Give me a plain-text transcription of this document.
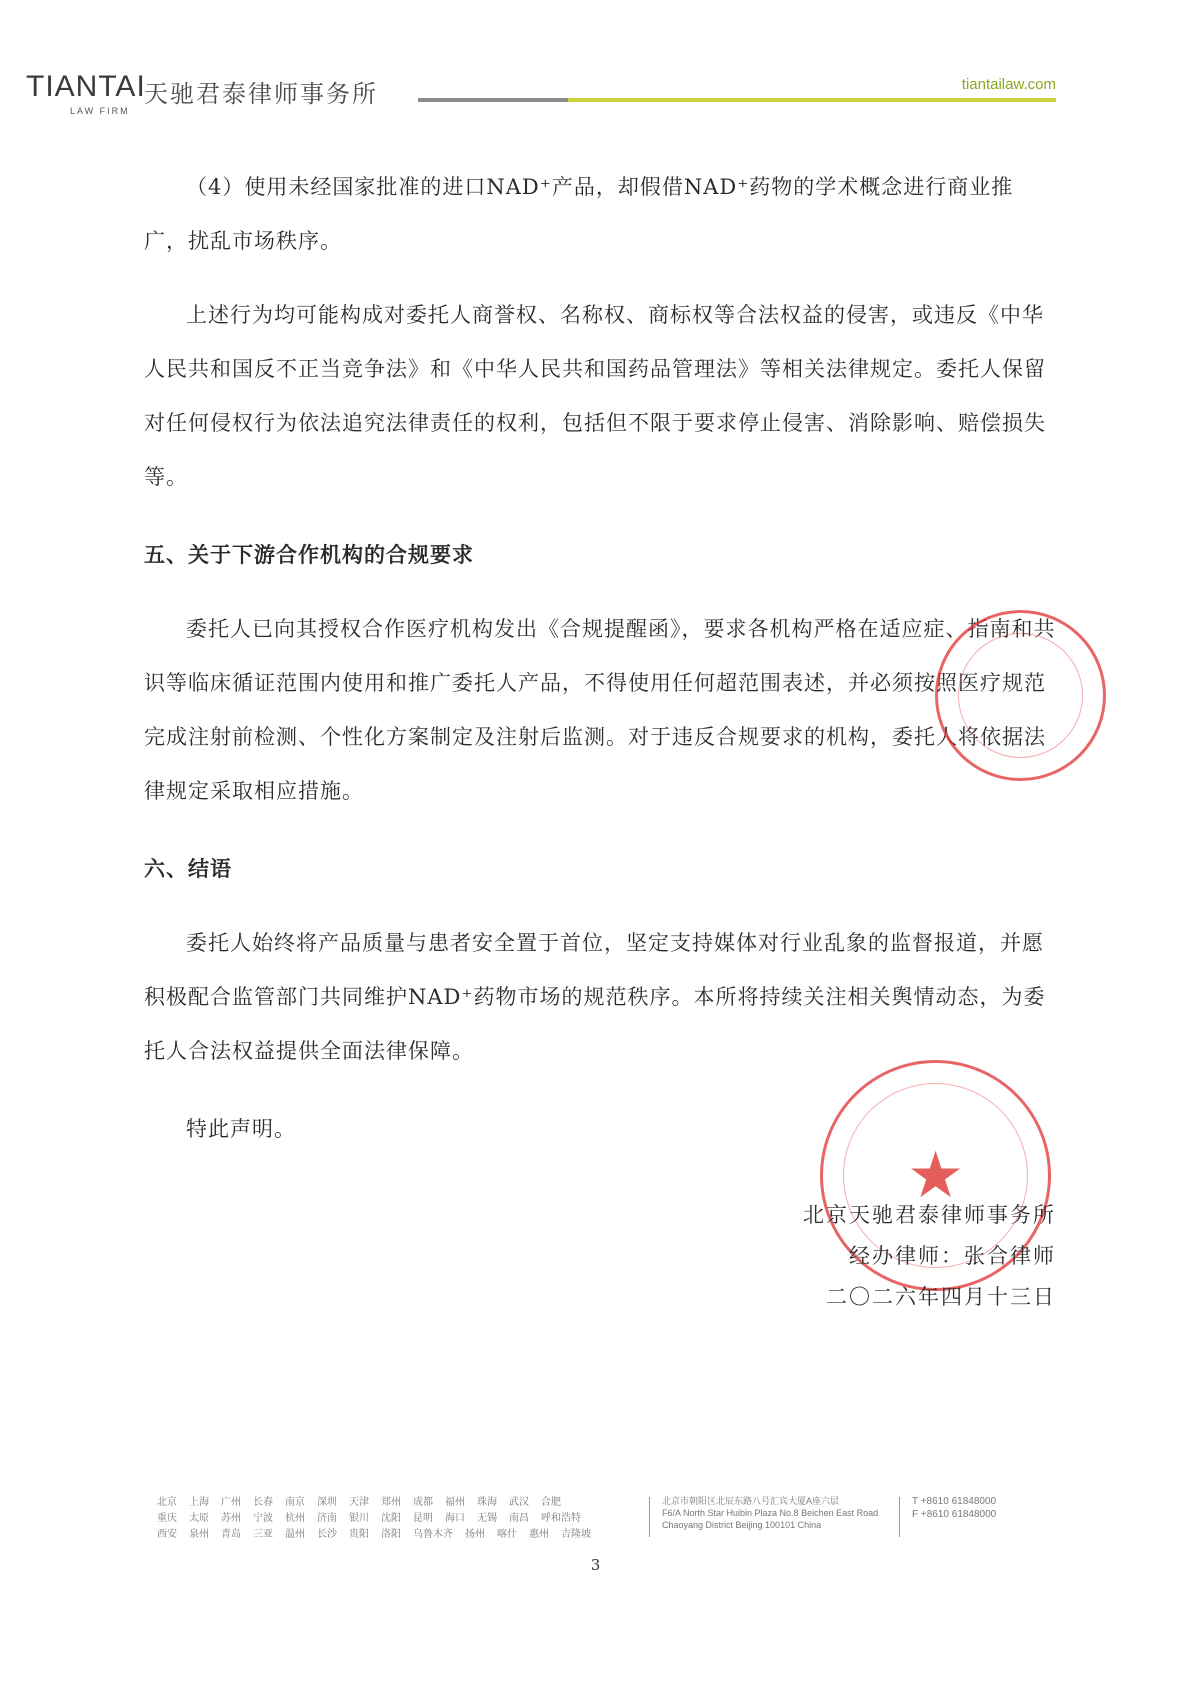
TIANTAI
LAW FIRM
天驰君泰律师事务所	tiantailaw.com

（4）使用未经国家批准的进口NAD⁺产品，却假借NAD⁺药物的学术概念进行商业推广，扰乱市场秩序。

上述行为均可能构成对委托人商誉权、名称权、商标权等合法权益的侵害，或违反《中华人民共和国反不正当竞争法》和《中华人民共和国药品管理法》等相关法律规定。委托人保留对任何侵权行为依法追究法律责任的权利，包括但不限于要求停止侵害、消除影响、赔偿损失等。

五、关于下游合作机构的合规要求

委托人已向其授权合作医疗机构发出《合规提醒函》，要求各机构严格在适应症、指南和共识等临床循证范围内使用和推广委托人产品，不得使用任何超范围表述，并必须按照医疗规范完成注射前检测、个性化方案制定及注射后监测。对于违反合规要求的机构，委托人将依据法律规定采取相应措施。

六、结语

委托人始终将产品质量与患者安全置于首位，坚定支持媒体对行业乱象的监督报道，并愿积极配合监管部门共同维护NAD⁺药物市场的规范秩序。本所将持续关注相关舆情动态，为委托人合法权益提供全面法律保障。

特此声明。

★
北京天驰君泰律师事务所
经办律师：张合律师
二〇二六年四月十三日
北京 上海 广州 长春 南京 深圳 天津 郑州 成都 福州 珠海 武汉 合肥
重庆 太原 苏州 宁波 杭州 济南 银川 沈阳 昆明 海口 无锡 南昌 呼和浩特
西安 泉州 青岛 三亚 温州 长沙 贵阳 洛阳 乌鲁木齐 扬州 喀什 惠州 吉隆坡
北京市朝阳区北辰东路八号汇宾大厦A座六层
F6/A North Star Huibin Plaza No.8 Beichen East Road
Chaoyang District Beijing 100101 China
T +8610 61848000
F +8610 61848000
3
